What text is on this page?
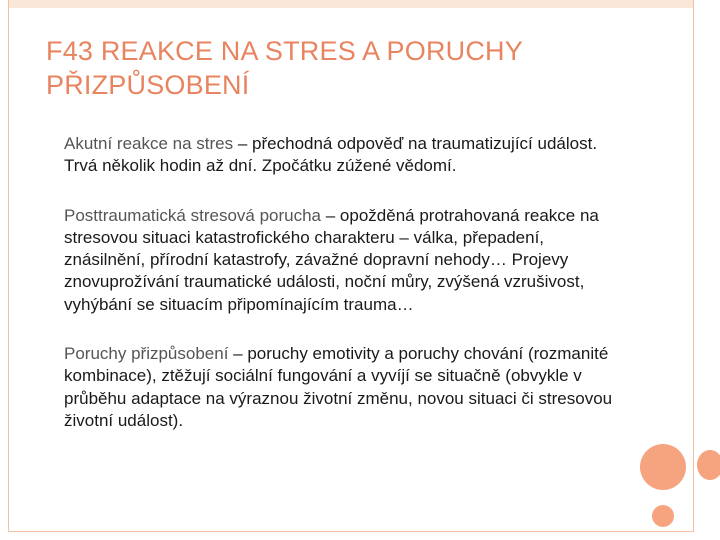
F43 REAKCE NA STRES A PORUCHY
PŘIZPŮSOBENÍ

Akutní reakce na stres – přechodná odpověď na traumatizující událost. Trvá několik hodin až dní. Zpočátku zúžené vědomí.

Posttraumatická stresová porucha – opožděná protrahovaná reakce na stresovou situaci katastrofického charakteru – válka, přepadení, znásilnění, přírodní katastrofy, závažné dopravní nehody… Projevy znovuprožívání traumatické události, noční můry, zvýšená vzrušivost, vyhýbání se situacím připomínajícím trauma…

Poruchy přizpůsobení – poruchy emotivity a poruchy chování (rozmanité kombinace), ztěžují sociální fungování a vyvíjí se situačně (obvykle v průběhu adaptace na výraznou životní změnu, novou situaci či stresovou životní událost).
